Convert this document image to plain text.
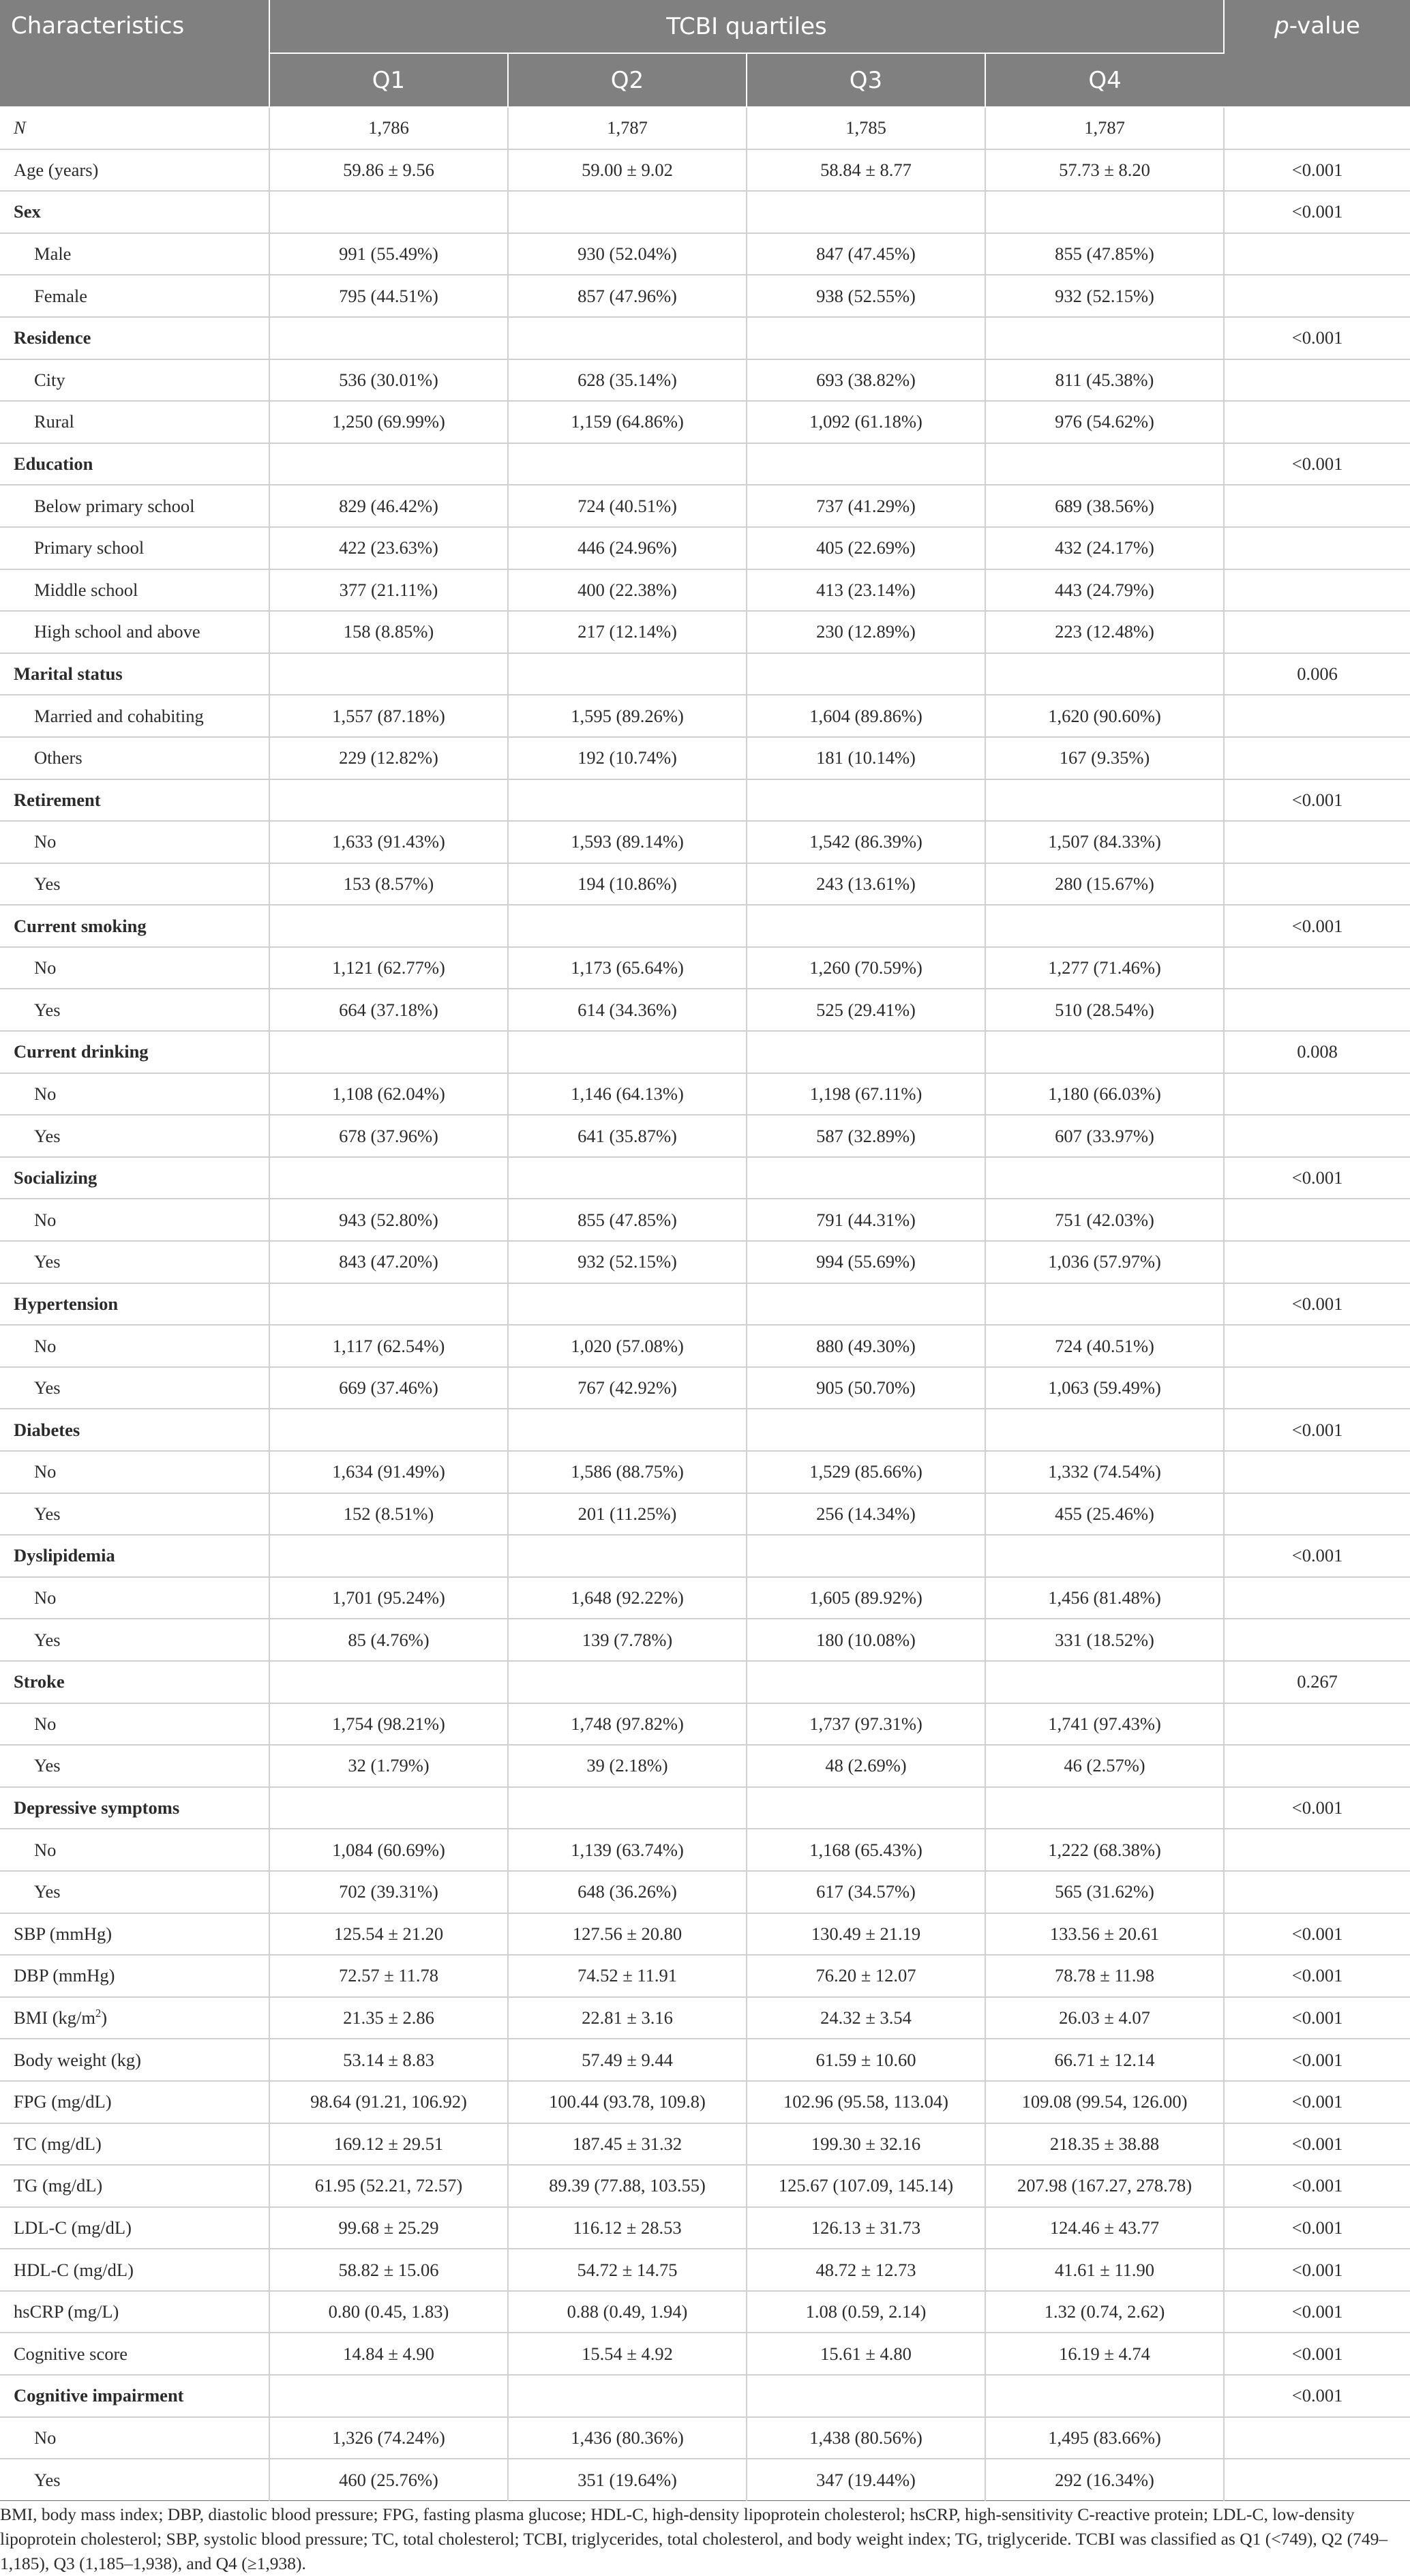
Characteristics	TCBI quartiles				p-value
	Q1	Q2	Q3	Q4	
N	1,786	1,787	1,785	1,787	
Age (years)	59.86 ± 9.56	59.00 ± 9.02	58.84 ± 8.77	57.73 ± 8.20	<0.001
Sex					<0.001
Male	991 (55.49%)	930 (52.04%)	847 (47.45%)	855 (47.85%)	
Female	795 (44.51%)	857 (47.96%)	938 (52.55%)	932 (52.15%)	
Residence					<0.001
City	536 (30.01%)	628 (35.14%)	693 (38.82%)	811 (45.38%)	
Rural	1,250 (69.99%)	1,159 (64.86%)	1,092 (61.18%)	976 (54.62%)	
Education					<0.001
Below primary school	829 (46.42%)	724 (40.51%)	737 (41.29%)	689 (38.56%)	
Primary school	422 (23.63%)	446 (24.96%)	405 (22.69%)	432 (24.17%)	
Middle school	377 (21.11%)	400 (22.38%)	413 (23.14%)	443 (24.79%)	
High school and above	158 (8.85%)	217 (12.14%)	230 (12.89%)	223 (12.48%)	
Marital status					0.006
Married and cohabiting	1,557 (87.18%)	1,595 (89.26%)	1,604 (89.86%)	1,620 (90.60%)	
Others	229 (12.82%)	192 (10.74%)	181 (10.14%)	167 (9.35%)	
Retirement					<0.001
No	1,633 (91.43%)	1,593 (89.14%)	1,542 (86.39%)	1,507 (84.33%)	
Yes	153 (8.57%)	194 (10.86%)	243 (13.61%)	280 (15.67%)	
Current smoking					<0.001
No	1,121 (62.77%)	1,173 (65.64%)	1,260 (70.59%)	1,277 (71.46%)	
Yes	664 (37.18%)	614 (34.36%)	525 (29.41%)	510 (28.54%)	
Current drinking					0.008
No	1,108 (62.04%)	1,146 (64.13%)	1,198 (67.11%)	1,180 (66.03%)	
Yes	678 (37.96%)	641 (35.87%)	587 (32.89%)	607 (33.97%)	
Socializing					<0.001
No	943 (52.80%)	855 (47.85%)	791 (44.31%)	751 (42.03%)	
Yes	843 (47.20%)	932 (52.15%)	994 (55.69%)	1,036 (57.97%)	
Hypertension					<0.001
No	1,117 (62.54%)	1,020 (57.08%)	880 (49.30%)	724 (40.51%)	
Yes	669 (37.46%)	767 (42.92%)	905 (50.70%)	1,063 (59.49%)	
Diabetes					<0.001
No	1,634 (91.49%)	1,586 (88.75%)	1,529 (85.66%)	1,332 (74.54%)	
Yes	152 (8.51%)	201 (11.25%)	256 (14.34%)	455 (25.46%)	
Dyslipidemia					<0.001
No	1,701 (95.24%)	1,648 (92.22%)	1,605 (89.92%)	1,456 (81.48%)	
Yes	85 (4.76%)	139 (7.78%)	180 (10.08%)	331 (18.52%)	
Stroke					0.267
No	1,754 (98.21%)	1,748 (97.82%)	1,737 (97.31%)	1,741 (97.43%)	
Yes	32 (1.79%)	39 (2.18%)	48 (2.69%)	46 (2.57%)	
Depressive symptoms					<0.001
No	1,084 (60.69%)	1,139 (63.74%)	1,168 (65.43%)	1,222 (68.38%)	
Yes	702 (39.31%)	648 (36.26%)	617 (34.57%)	565 (31.62%)	
SBP (mmHg)	125.54 ± 21.20	127.56 ± 20.80	130.49 ± 21.19	133.56 ± 20.61	<0.001
DBP (mmHg)	72.57 ± 11.78	74.52 ± 11.91	76.20 ± 12.07	78.78 ± 11.98	<0.001
BMI $(kg/m^2)$	21.35 ± 2.86	22.81 ± 3.16	24.32 ± 3.54	26.03 ± 4.07	<0.001
Body weight (kg)	53.14 ± 8.83	57.49 ± 9.44	61.59 ± 10.60	66.71 ± 12.14	<0.001
FPG (mg/dL)	98.64 (91.21, 106.92)	100.44 (93.78, 109.8)	102.96 (95.58, 113.04)	109.08 (99.54, 126.00)	<0.001
TC (mg/dL)	169.12 ± 29.51	187.45 ± 31.32	199.30 ± 32.16	218.35 ± 38.88	<0.001
TG (mg/dL)	61.95 (52.21, 72.57)	89.39 (77.88, 103.55)	125.67 (107.09, 145.14)	207.98 (167.27, 278.78)	<0.001
LDL-C (mg/dL)	99.68 ± 25.29	116.12 ± 28.53	126.13 ± 31.73	124.46 ± 43.77	<0.001
HDL-C (mg/dL)	58.82 ± 15.06	54.72 ± 14.75	48.72 ± 12.73	41.61 ± 11.90	<0.001
hsCRP (mg/L)	0.80 (0.45, 1.83)	0.88 (0.49, 1.94)	1.08 (0.59, 2.14)	1.32 (0.74, 2.62)	<0.001
Cognitive score	14.84 ± 4.90	15.54 ± 4.92	15.61 ± 4.80	16.19 ± 4.74	<0.001
Cognitive impairment					<0.001
No	1,326 (74.24%)	1,436 (80.36%)	1,438 (80.56%)	1,495 (83.66%)	
Yes	460 (25.76%)	351 (19.64%)	347 (19.44%)	292 (16.34%)	

BMI, body mass index; DBP, diastolic blood pressure; FPG, fasting plasma glucose; HDL-C, high-density lipoprotein cholesterol; hsCRP, high-sensitivity C-reactive protein; LDL-C, low-density lipoprotein cholesterol; SBP, systolic blood pressure; TC, total cholesterol; TCBI, triglycerides, total cholesterol, and body weight index; TG, triglyceride. TCBI was classified as Q1 (<749), Q2 (749–1,185), Q3 (1,185–1,938), and Q4 (≥1,938).
